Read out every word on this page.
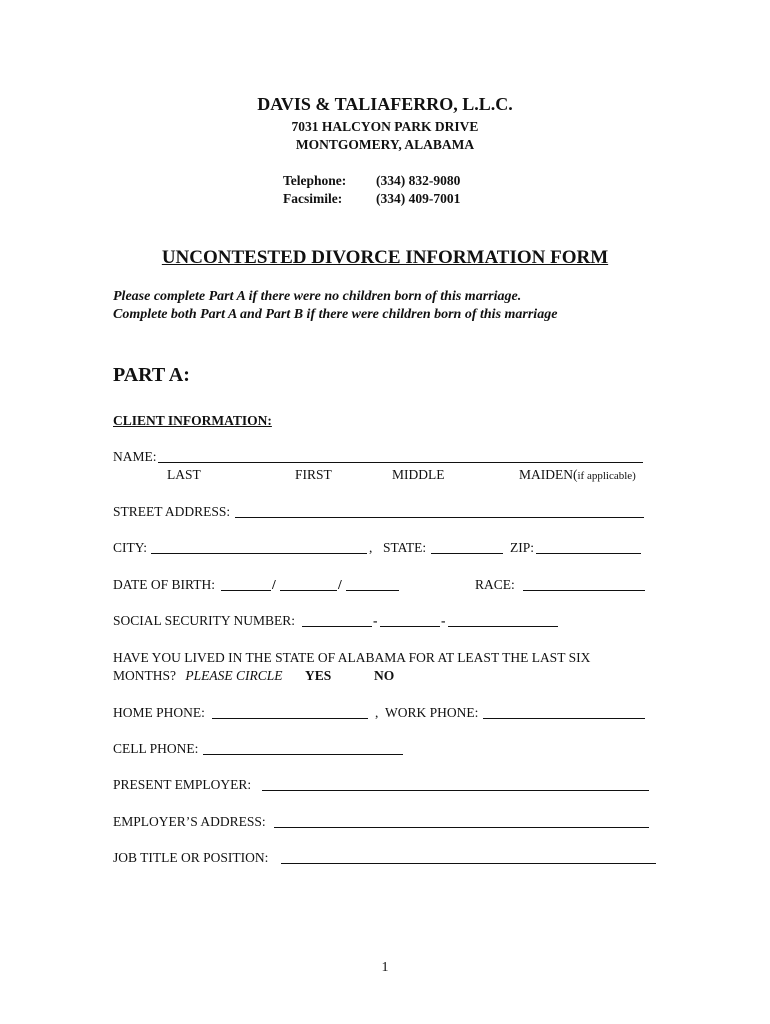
DAVIS & TALIAFERRO, L.L.C.
7031 HALCYON PARK DRIVE
MONTGOMERY, ALABAMA
Telephone: (334) 832-9080
Facsimile:	(334) 409-7001
UNCONTESTED DIVORCE INFORMATION FORM
Please complete Part A if there were no children born of this marriage.
Complete both Part A and Part B if there were children born of this marriage
PART A:
CLIENT INFORMATION:
NAME:
LAST	FIRST	MIDDLE	MAIDEN(if applicable)
STREET ADDRESS:
CITY:	, STATE:	ZIP:
DATE OF BIRTH:	/	/	RACE:
SOCIAL SECURITY NUMBER:	-	-
HAVE YOU LIVED IN THE STATE OF ALABAMA FOR AT LEAST THE LAST SIX
MONTHS? PLEASE CIRCLE YES	NO
HOME PHONE:	, WORK PHONE:
CELL PHONE:
PRESENT EMPLOYER:
EMPLOYER’S ADDRESS:
JOB TITLE OR POSITION:
1
